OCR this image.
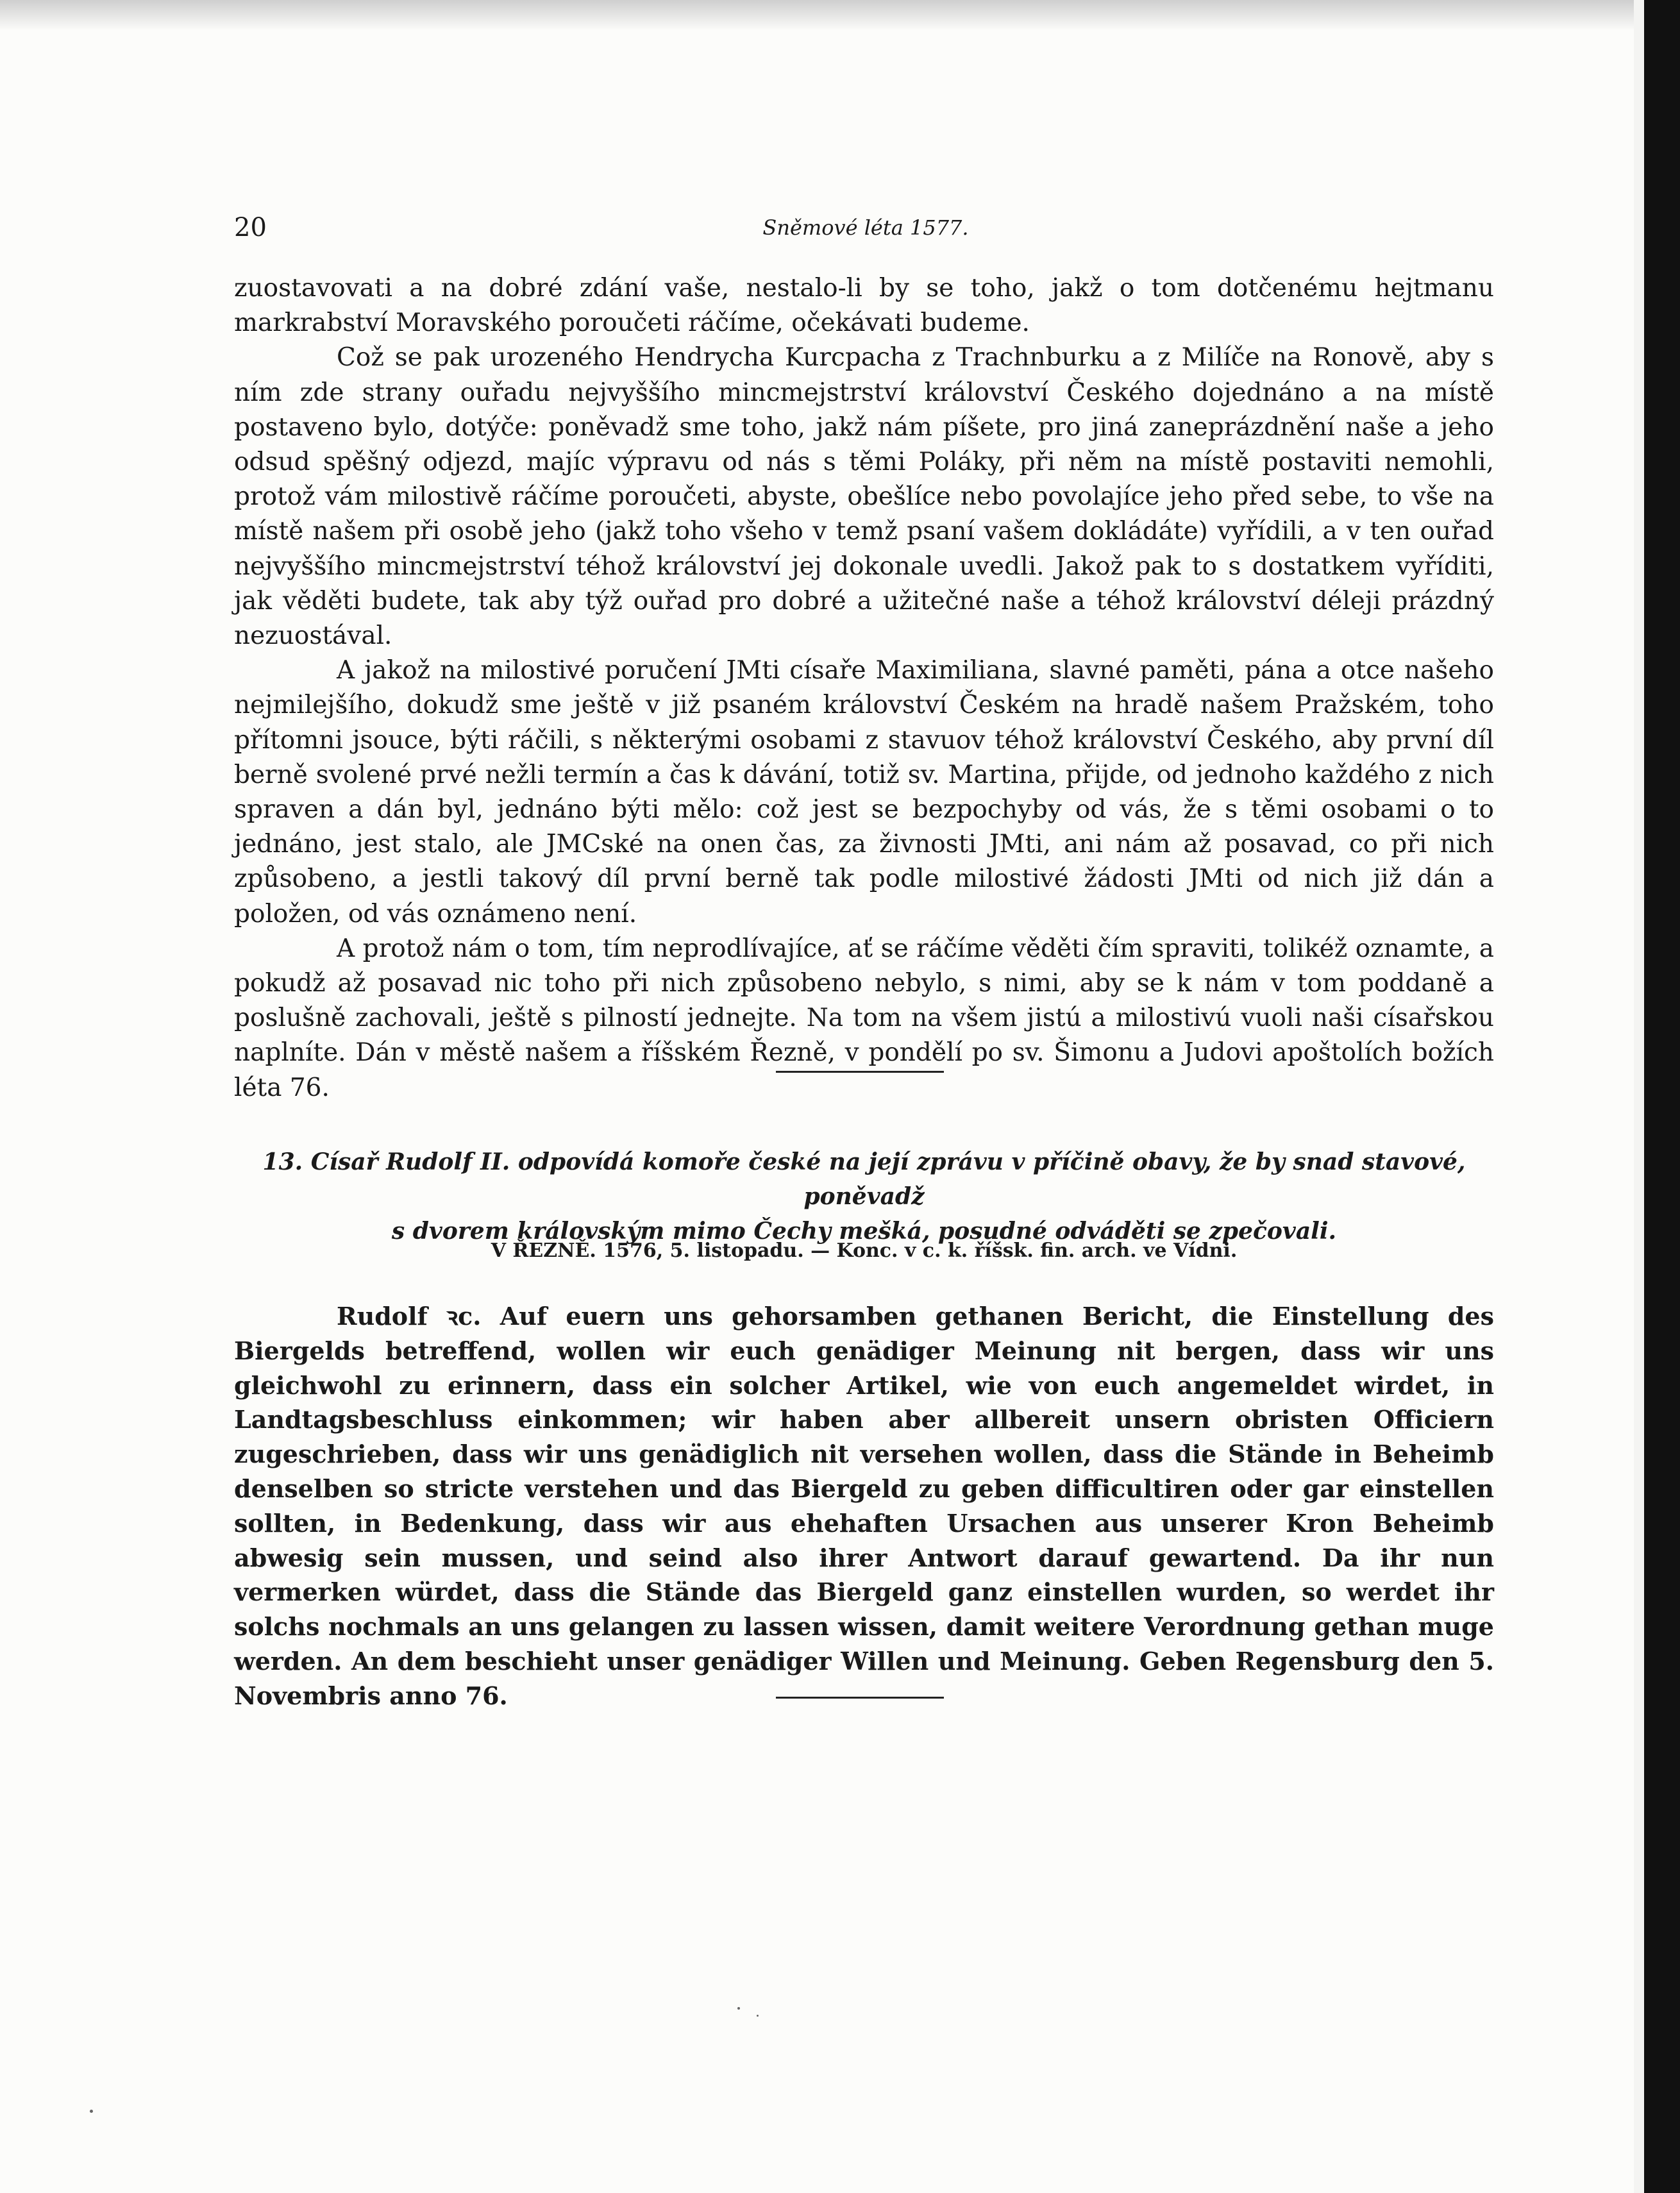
20	Sněmové léta 1577.

zuostavovati a na dobré zdání vaše, nestalo-li by se toho, jakž o tom dotčenému hejtmanu markrabství Moravského poroučeti ráčíme, očekávati budeme.

Což se pak urozeného Hendrycha Kurcpacha z Trachnburku a z Milíče na Ronově, aby s ním zde strany ouřadu nejvyššího mincmejstrství království Českého dojednáno a na místě postaveno bylo, dotýče: poněvadž sme toho, jakž nám píšete, pro jiná zaneprázdnění naše a jeho odsud spěšný odjezd, majíc výpravu od nás s těmi Poláky, při něm na místě postaviti nemohli, protož vám milostivě ráčíme poroučeti, abyste, obešlíce nebo povolajíce jeho před sebe, to vše na místě našem při osobě jeho (jakž toho všeho v temž psaní vašem dokládáte) vyřídili, a v ten ouřad nejvyššího mincmejstrství téhož království jej dokonale uvedli. Jakož pak to s dostatkem vyříditi, jak věděti budete, tak aby týž ouřad pro dobré a užitečné naše a téhož království déleji prázdný nezuostával.

A jakož na milostivé poručení JMti císaře Maximiliana, slavné paměti, pána a otce našeho nejmilejšího, dokudž sme ještě v již psaném království Českém na hradě našem Pražském, toho přítomni jsouce, býti ráčili, s některými osobami z stavuov téhož království Českého, aby první díl berně svolené prvé nežli termín a čas k dávání, totiž sv. Martina, přijde, od jednoho každého z nich spraven a dán byl, jednáno býti mělo: což jest se bezpochyby od vás, že s těmi osobami o to jednáno, jest stalo, ale JMCské na onen čas, za živnosti JMti, ani nám až posavad, co při nich způsobeno, a jestli takový díl první berně tak podle milostivé žádosti JMti od nich již dán a položen, od vás oznámeno není.

A protož nám o tom, tím neprodlívajíce, ať se ráčíme věděti čím spraviti, tolikéž oznamte, a pokudž až posavad nic toho při nich způsobeno nebylo, s nimi, aby se k nám v tom poddaně a poslušně zachovali, ještě s pilností jednejte. Na tom na všem jistú a milostivú vuoli naši císařskou naplníte. Dán v městě našem a říšském Řezně, v pondělí po sv. Šimonu a Judovi apoštolích božích léta 76.

13. Císař Rudolf II. odpovídá komoře české na její zprávu v příčině obavy, že by snad stavové, poněvadž
s dvorem královským mimo Čechy mešká, posudné odváděti se zpečovali.
V ŘEZNĚ. 1576, 5. listopadu. — Konc. v c. k. říšsk. fin. arch. ve Vídni.

Rudolf ꝛc. Auf euern uns gehorsamben gethanen Bericht, die Einstellung des Biergelds betreffend, wollen wir euch genädiger Meinung nit bergen, dass wir uns gleichwohl zu erinnern, dass ein solcher Artikel, wie von euch angemeldet wirdet, in Landtagsbeschluss einkommen; wir haben aber allbereit unsern obristen Officiern zugeschrieben, dass wir uns genädiglich nit versehen wollen, dass die Stände in Beheimb denselben so stricte verstehen und das Biergeld zu geben difficultiren oder gar einstellen sollten, in Bedenkung, dass wir aus ehehaften Ursachen aus unserer Kron Beheimb abwesig sein mussen, und seind also ihrer Antwort darauf gewartend. Da ihr nun vermerken würdet, dass die Stände das Biergeld ganz einstellen wurden, so werdet ihr solchs nochmals an uns gelangen zu lassen wissen, damit weitere Verordnung gethan muge werden. An dem beschieht unser genädiger Willen und Meinung. Geben Regensburg den 5. Novembris anno 76.
